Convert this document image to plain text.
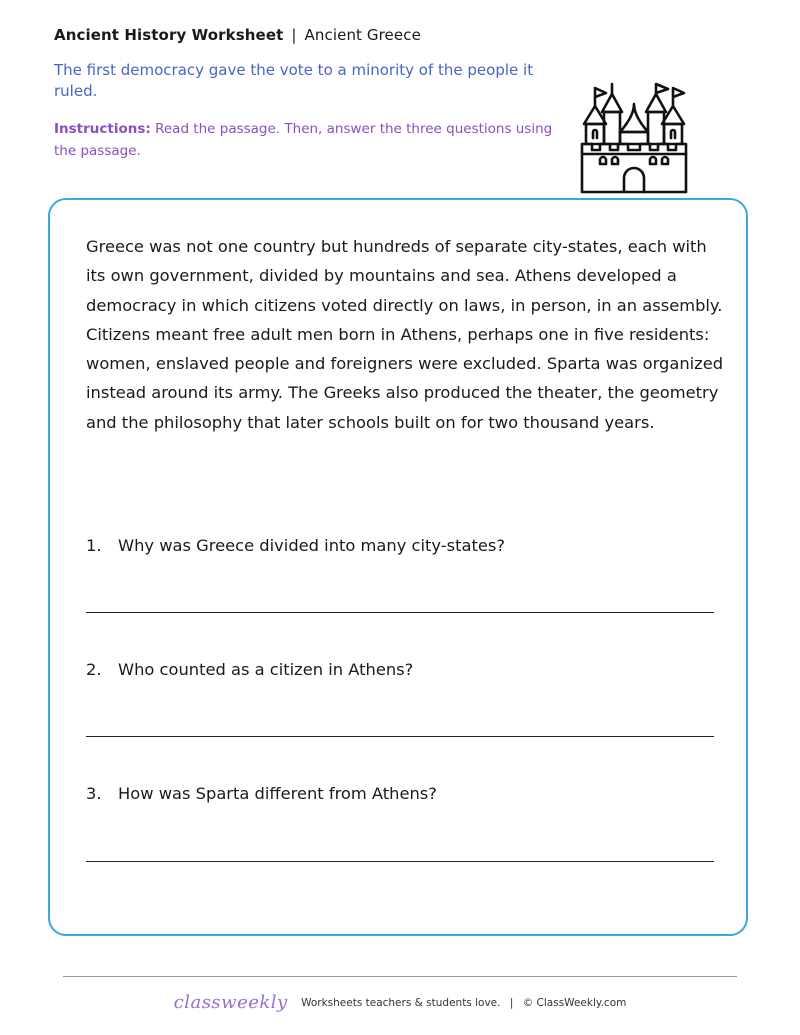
Ancient History Worksheet | Ancient Greece
The first democracy gave the vote to a minority of the people it ruled.
Instructions: Read the passage. Then, answer the three questions using the passage.
Greece was not one country but hundreds of separate city-states, each with its own government, divided by mountains and sea. Athens developed a democracy in which citizens voted directly on laws, in person, in an assembly. Citizens meant free adult men born in Athens, perhaps one in five residents: women, enslaved people and foreigners were excluded. Sparta was organized instead around its army. The Greeks also produced the theater, the geometry and the philosophy that later schools built on for two thousand years.
1. Why was Greece divided into many city-states?
2. Who counted as a citizen in Athens?
3. How was Sparta different from Athens?
classweekly Worksheets teachers & students love. | © ClassWeekly.com
